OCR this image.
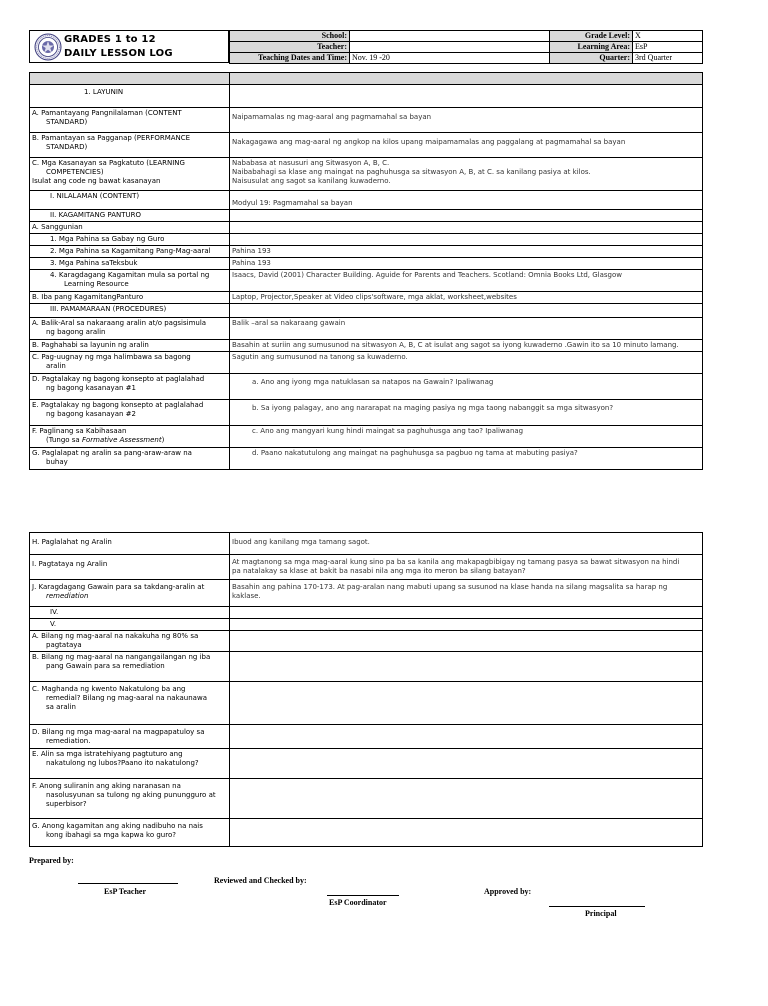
GRADES 1 to 12
DAILY LESSON LOG
School:		Grade Level:	X
Teacher:		Learning Area:	EsP
Teaching Dates and Time:	Nov. 19 -20	Quarter:	3rd Quarter

1. LAYUNIN	
A. Pamantayang Pangnilalaman (CONTENT
STANDARD)	Naipamamalas ng mag-aaral ang pagmamahal sa bayan
B. Pamantayan sa Pagganap (PERFORMANCE
STANDARD)	Nakagagawa ang mag-aaral ng angkop na kilos upang maipamamalas ang paggalang at pagmamahal sa bayan
C. Mga Kasanayan sa Pagkatuto (LEARNING
COMPETENCIES)
Isulat ang code ng bawat kasanayan	Nababasa at nasusuri ang Sitwasyon A, B, C.
Naibabahagi sa klase ang maingat na paghuhusga sa sitwasyon A, B, at C. sa kanilang pasiya at kilos.
Naisusulat ang sagot sa kanilang kuwaderno.
I. NILALAMAN (CONTENT)	Modyul 19: Pagmamahal sa bayan
II. KAGAMITANG PANTURO	
A. Sanggunian	
1. Mga Pahina sa Gabay ng Guro	
2. Mga Pahina sa Kagamitang Pang-Mag-aaral	Pahina 193
3. Mga Pahina saTeksbuk	Pahina 193
4. Karagdagang Kagamitan mula sa portal ng
Learning Resource	Isaacs, David (2001) Character Building. Aguide for Parents and Teachers. Scotland: Omnia Books Ltd, Glasgow
B. Iba pang KagamitangPanturo	Laptop, Projector,Speaker at Video clips'software, mga aklat, worksheet,websites
III. PAMAMARAAN (PROCEDURES)	
A. Balik-Aral sa nakaraang aralin at/o pagsisimula
ng bagong aralin	Balik –aral sa nakaraang gawain
B. Paghahabi sa layunin ng aralin	Basahin at suriin ang sumusunod na sitwasyon A, B, C at isulat ang sagot sa iyong kuwaderno .Gawin ito sa 10 minuto lamang.
C. Pag-uugnay ng mga halimbawa sa bagong
aralin	Sagutin ang sumusunod na tanong sa kuwaderno.
D. Pagtalakay ng bagong konsepto at paglalahad
ng bagong kasanayan #1	a. Ano ang iyong mga natuklasan sa natapos na Gawain? Ipaliwanag
E. Pagtalakay ng bagong konsepto at paglalahad
ng bagong kasanayan #2	b. Sa iyong palagay, ano ang nararapat na maging pasiya ng mga taong nabanggit sa mga sitwasyon?
F. Paglinang sa Kabihasaan
(Tungo sa Formative Assessment)	c. Ano ang mangyari kung hindi maingat sa paghuhusga ang tao? Ipaliwanag
G. Paglalapat ng aralin sa pang-araw-araw na
buhay	d. Paano nakatutulong ang maingat na paghuhusga sa pagbuo ng tama at mabuting pasiya?
H. Paglalahat ng Aralin	Ibuod ang kanilang mga tamang sagot.
I. Pagtataya ng Aralin	At magtanong sa mga mag-aaral kung sino pa ba sa kanila ang makapagbibigay ng tamang pasya sa bawat sitwasyon na hindi
pa natalakay sa klase at bakit ba nasabi nila ang mga ito meron ba silang batayan?
J. Karagdagang Gawain para sa takdang-aralin at
remediation	Basahin ang pahina 170-173. At pag-aralan nang mabuti upang sa susunod na klase handa na silang magsalita sa harap ng
kaklase.
IV.	
V.	
A. Bilang ng mag-aaral na nakakuha ng 80% sa
pagtataya	
B. Bilang ng mag-aaral na nangangailangan ng iba
pang Gawain para sa remediation	
C. Maghanda ng kwento Nakatulong ba ang
remedial? Bilang ng mag-aaral na nakaunawa
sa aralin	
D. Bilang ng mga mag-aaral na magpapatuloy sa
remediation.	
E. Alin sa mga istratehiyang pagtuturo ang
nakatulong ng lubos?Paano ito nakatulong?	
F. Anong suliranin ang aking naranasan na
nasolusyunan sa tulong ng aking punungguro at
superbisor?	
G. Anong kagamitan ang aking nadibuho na nais
kong ibahagi sa mga kapwa ko guro?	
Prepared by:
EsP Teacher
Reviewed and Checked by:
EsP Coordinator
Approved by:
Principal
